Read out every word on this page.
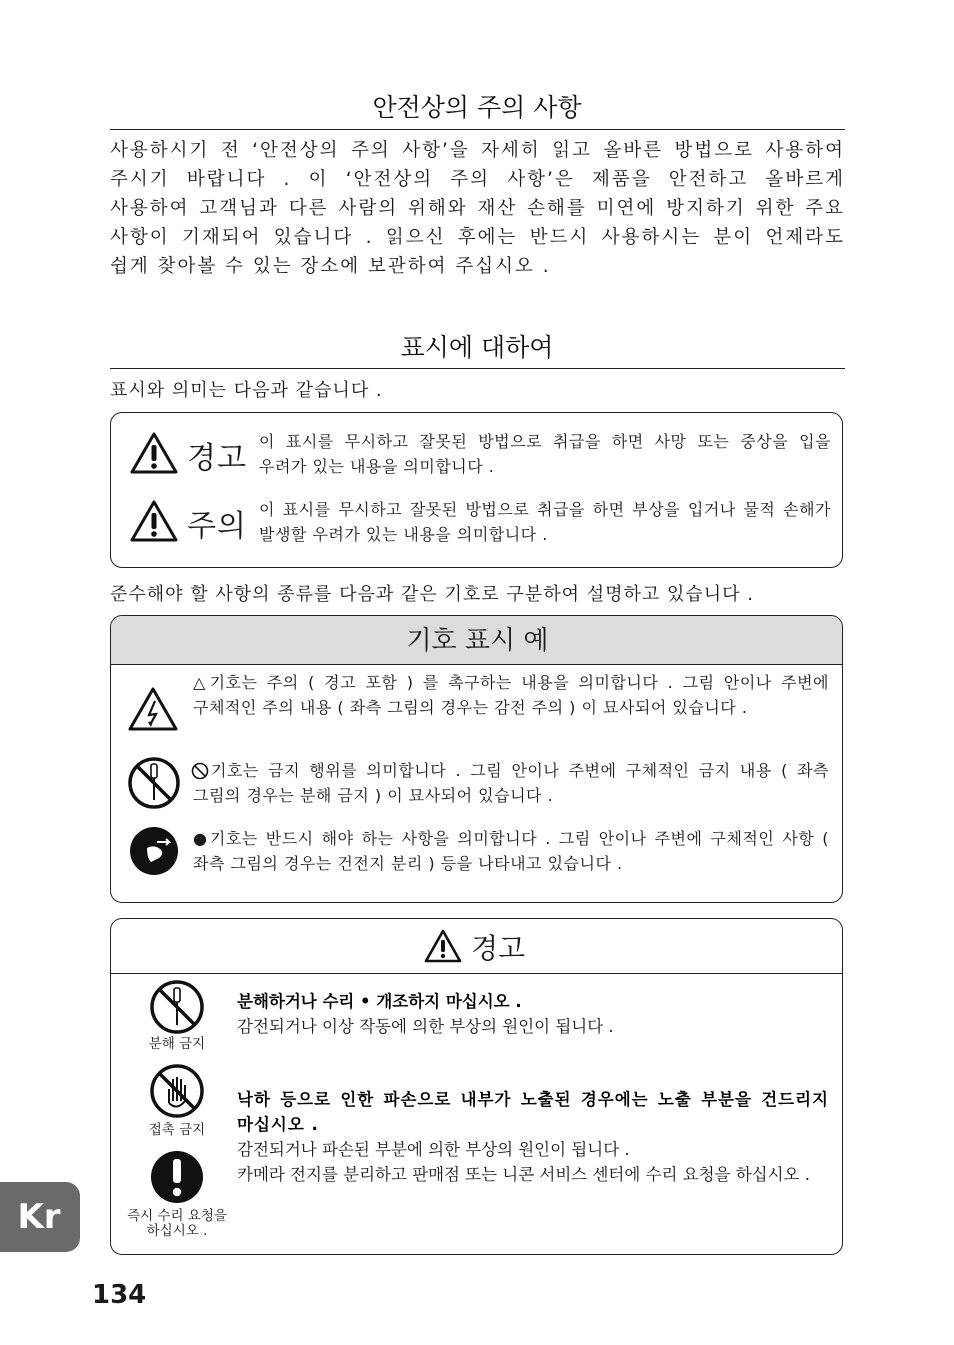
안전상의 주의 사항
사용하시기 전 ‘안전상의 주의 사항’을 자세히 읽고 올바른 방법으로 사용하여 주시기 바랍니다 . 이 ‘안전상의 주의 사항’은 제품을 안전하고 올바르게 사용하여 고객님과 다른 사람의 위해와 재산 손해를 미연에 방지하기 위한 주요 사항이 기재되어 있습니다 . 읽으신 후에는 반드시 사용하시는 분이 언제라도 쉽게 찾아볼 수 있는 장소에 보관하여 주십시오 .
표시에 대하여
표시와 의미는 다음과 같습니다 .
경고 이 표시를 무시하고 잘못된 방법으로 취급을 하면 사망 또는 중상을 입을 우려가 있는 내용을 의미합니다 .
주의 이 표시를 무시하고 잘못된 방법으로 취급을 하면 부상을 입거나 물적 손해가 발생할 우려가 있는 내용을 의미합니다 .
준수해야 할 사항의 종류를 다음과 같은 기호로 구분하여 설명하고 있습니다 .
기호 표시 예
△기호는 주의 ( 경고 포함 ) 를 촉구하는 내용을 의미합니다 . 그림 안이나 주변에 구체적인 주의 내용 ( 좌측 그림의 경우는 감전 주의 ) 이 묘사되어 있습니다 .
기호는 금지 행위를 의미합니다 . 그림 안이나 주변에 구체적인 금지 내용 ( 좌측 그림의 경우는 분해 금지 ) 이 묘사되어 있습니다 .
●기호는 반드시 해야 하는 사항을 의미합니다 . 그림 안이나 주변에 구체적인 사항 ( 좌측 그림의 경우는 건전지 분리 ) 등을 나타내고 있습니다 .
경고
분해 금지
접촉 금지
즉시 수리 요청을
하십시오 .
분해하거나 수리 • 개조하지 마십시오 .
감전되거나 이상 작동에 의한 부상의 원인이 됩니다 .
낙하 등으로 인한 파손으로 내부가 노출된 경우에는 노출 부분을 건드리지 마십시오 .
감전되거나 파손된 부분에 의한 부상의 원인이 됩니다 .
카메라 전지를 분리하고 판매점 또는 니콘 서비스 센터에 수리 요청을 하십시오 .
Kr
134
